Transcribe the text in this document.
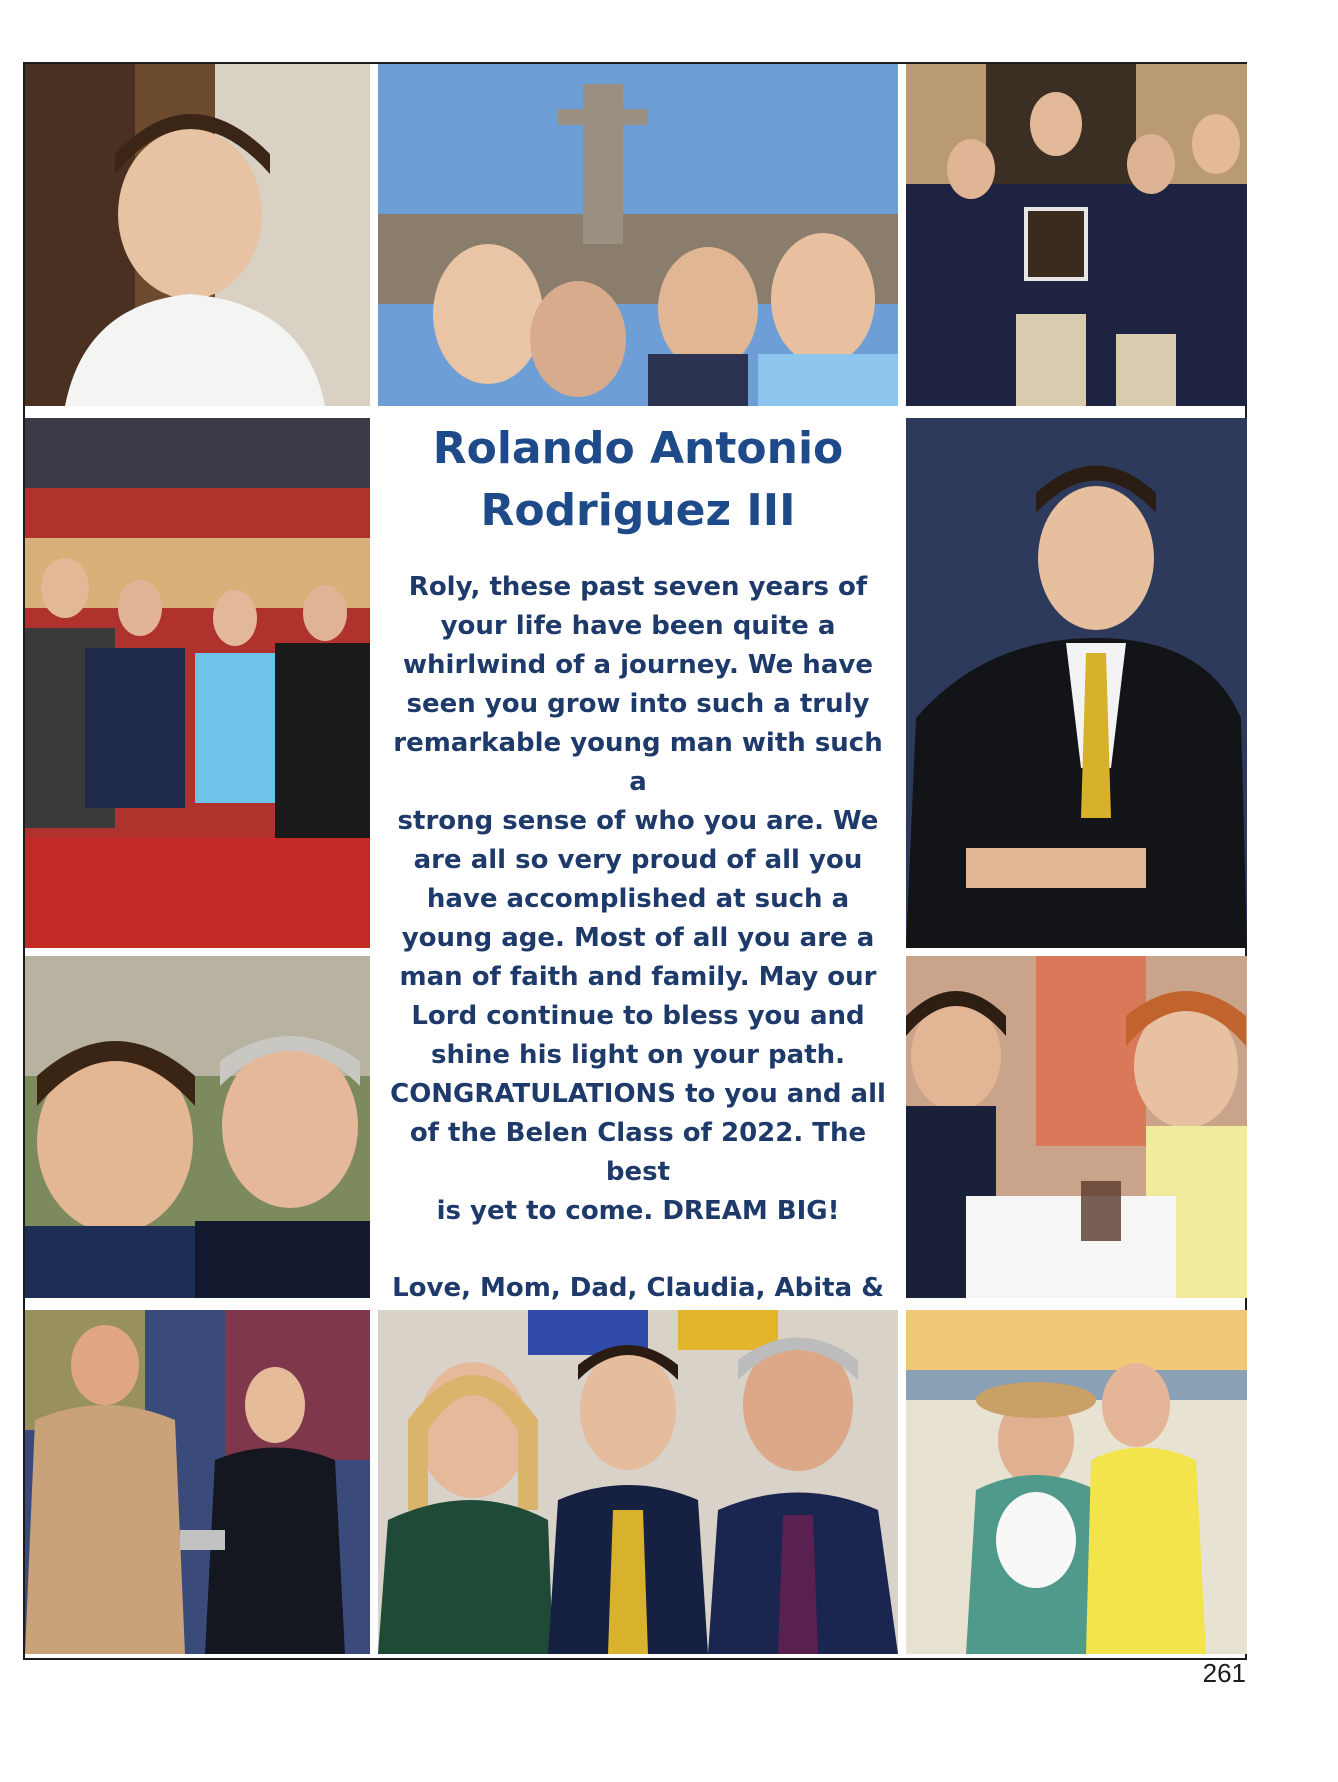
Rolando Antonio
Rodriguez III
Roly, these past seven years of
your life have been quite a
whirlwind of a journey. We have
seen you grow into such a truly
remarkable young man with such a
strong sense of who you are. We
are all so very proud of all you
have accomplished at such a
young age. Most of all you are a
man of faith and family. May our
Lord continue to bless you and
shine his light on your path.
CONGRATULATIONS to you and all
of the Belen Class of 2022. The best
is yet to come. DREAM BIG!
Love, Mom, Dad, Claudia, Abita &
261
